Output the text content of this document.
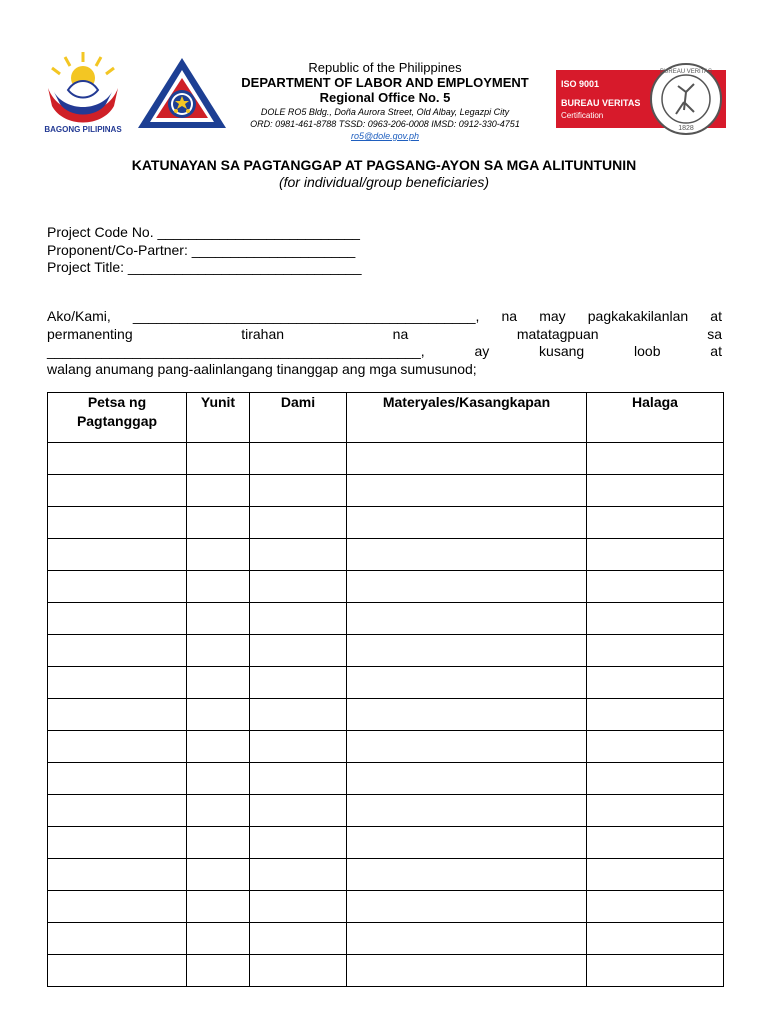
BAGONG PILIPINAS
Republic of the Philippines
DEPARTMENT OF LABOR AND EMPLOYMENT
Regional Office No. 5
DOLE RO5 Bldg., Doña Aurora Street, Old Albay, Legazpi City
ORD: 0981-461-8788 TSSD: 0963-206-0008 IMSD: 0912-330-4751
ro5@dole.gov.ph
ISO 9001
BUREAU VERITAS
Certification
BUREAU VERITAS
1828
KATUNAYAN SA PAGTANGGAP AT PAGSANG-AYON SA MGA ALITUNTUNIN
(for individual/group beneficiaries)
Project Code No. __________________________
Proponent/Co-Partner: _____________________
Project Title: ______________________________
Ako/Kami, ____________________________________________, na may pagkakakilanlan at
permanenting	tirahan	na	matatagpuan	sa
________________________________________________,	ay	kusang	loob	at
walang anumang pang-aalinlangang tinanggap ang mga sumusunod;
Petsa ng
Pagtanggap	Yunit	Dami	Materyales/Kasangkapan	Halaga
